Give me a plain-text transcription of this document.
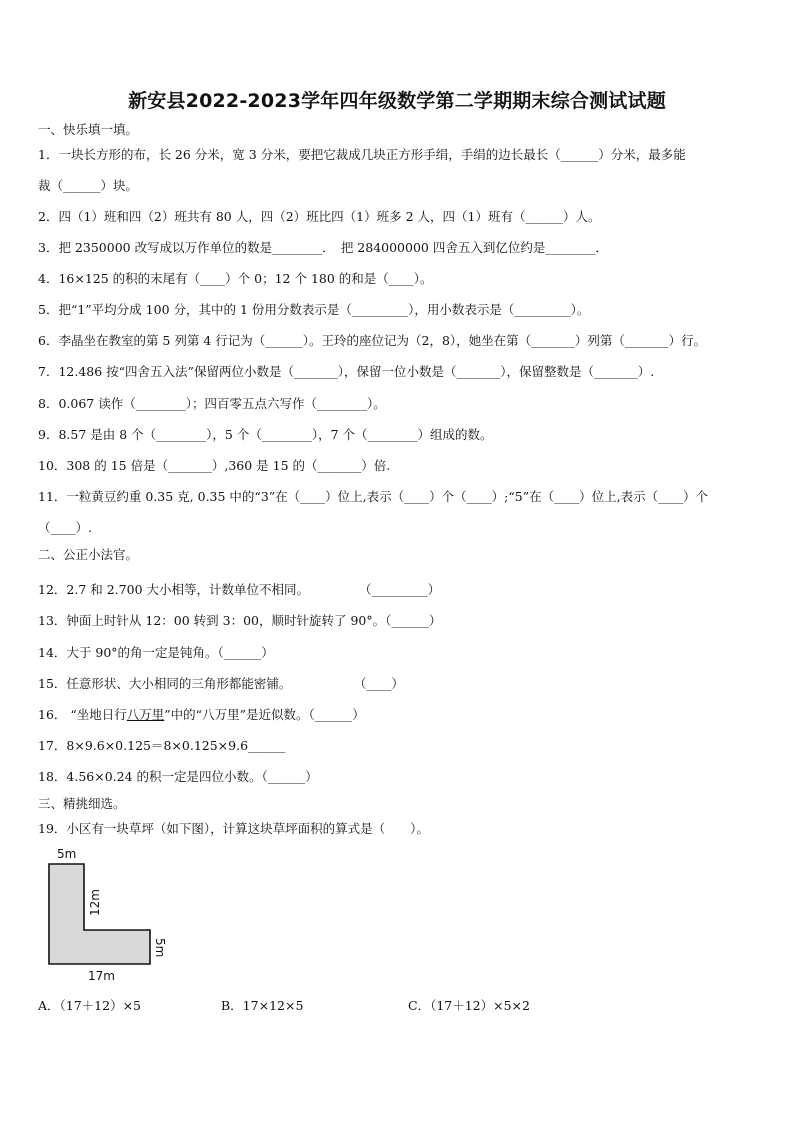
新安县2022-2023学年四年级数学第二学期期末综合测试试题
一、快乐填一填。
1．一块长方形的布，长 26 分米，宽 3 分米，要把它裁成几块正方形手绢，手绢的边长最长（______）分米，最多能
裁（______）块。
2．四（1）班和四（2）班共有 80 人，四（2）班比四（1）班多 2 人，四（1）班有（______）人。
3．把 2350000 改写成以万作单位的数是________．　把 284000000 四舍五入到亿位约是________．
4．16×125 的积的末尾有（____）个 0；12 个 180 的和是（____）。
5．把“1”平均分成 100 分，其中的 1 份用分数表示是（_________），用小数表示是（_________）。
6．李晶坐在教室的第 5 列第 4 行记为（______）。王玲的座位记为（2，8），她坐在第（_______）列第（_______）行。
7．12.486 按“四舍五入法”保留两位小数是（_______），保留一位小数是（_______），保留整数是（_______）.
8．0.067 读作（________）；四百零五点六写作（________）。
9．8.57 是由 8 个（________），5 个（________），7 个（________）组成的数。
10．308 的 15 倍是（_______）,360 是 15 的（_______）倍.
11．一粒黄豆约重 0.35 克, 0.35 中的“3”在（____）位上,表示（____）个（____）;“5”在（____）位上,表示（____）个
（____）.
二、公正小法官。
12．2.7 和 2.700 大小相等，计数单位不相同。　　　　　（_________）
13．钟面上时针从 12：00 转到 3：00，顺时针旋转了 90°。（______）
14．大于 90°的角一定是钝角。（______）
15．任意形状、大小相同的三角形都能密铺。　　　　　　（____）
16． “坐地日行八万里”中的“八万里”是近似数。（______）
17．8×9.6×0.125＝8×0.125×9.6______
18．4.56×0.24 的积一定是四位小数。（______）
三、精挑细选。
19．小区有一块草坪（如下图），计算这块草坪面积的算式是（　　）。
5m
12m
5m
17m
A．（17＋12）×5	B．17×12×5	C．（17＋12）×5×2
